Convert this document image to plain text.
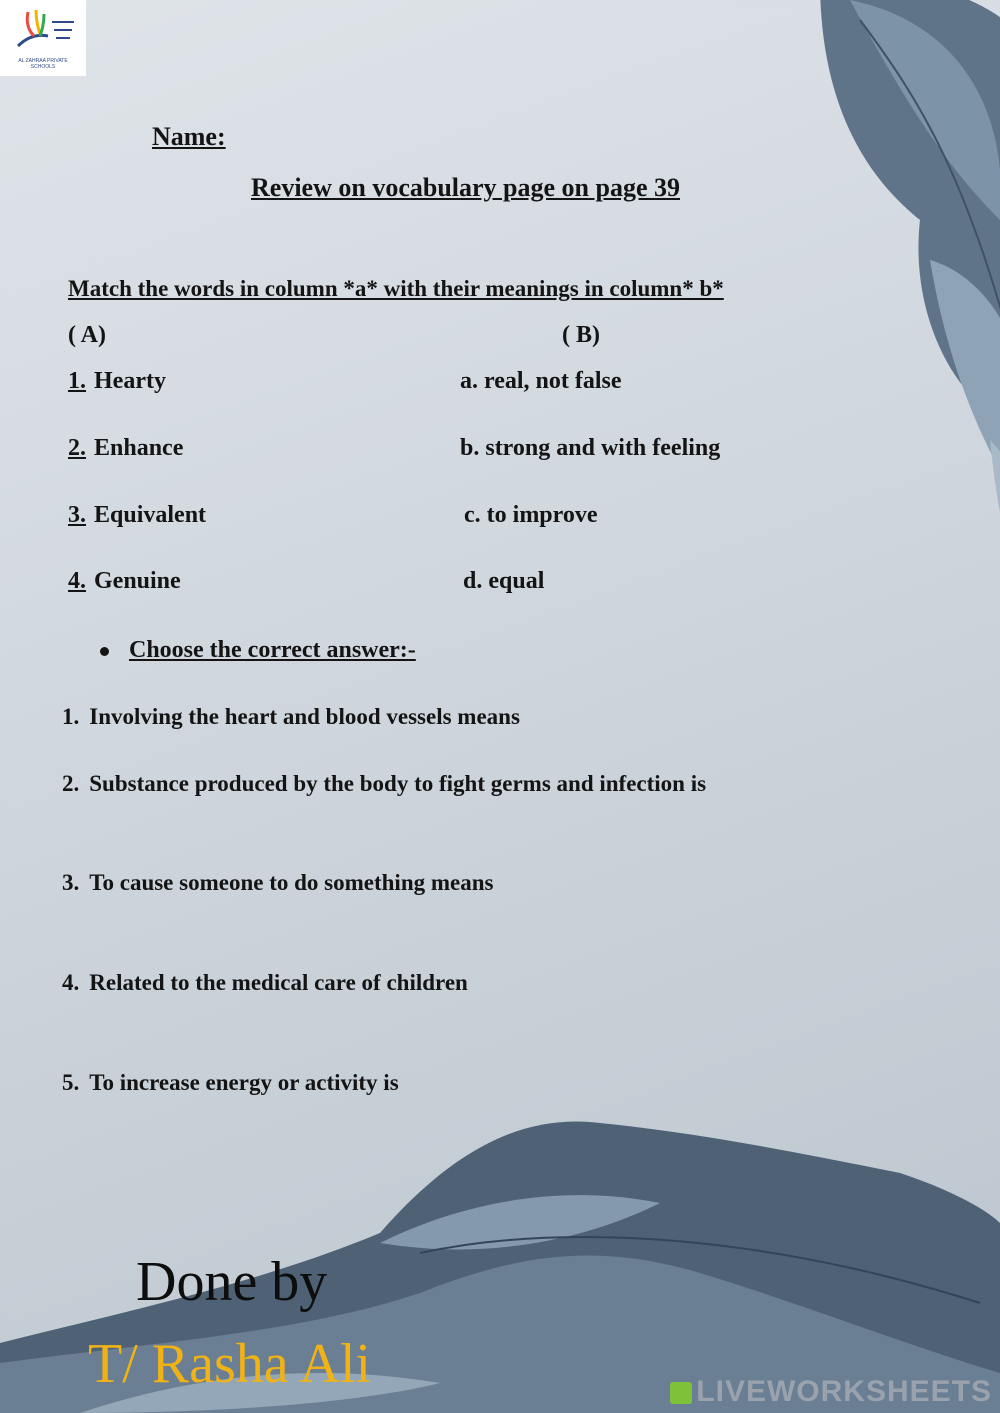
AL ZAHRAA PRIVATE SCHOOLS
Name:
Review on vocabulary page on page 39
Match the words in column *a* with their meanings in column* b*
( A)	( B)
1. Hearty	a. real, not false
2. Enhance	b. strong and with feeling
3. Equivalent	c. to improve
4. Genuine	d. equal
Choose the correct answer:-
1. Involving the heart and blood vessels means
2. Substance produced by the body to fight germs and infection is
3. To cause someone to do something means
4. Related to the medical care of children
5. To increase energy or activity is
Done by
T/ Rasha Ali	LIVEWORKSHEETS
